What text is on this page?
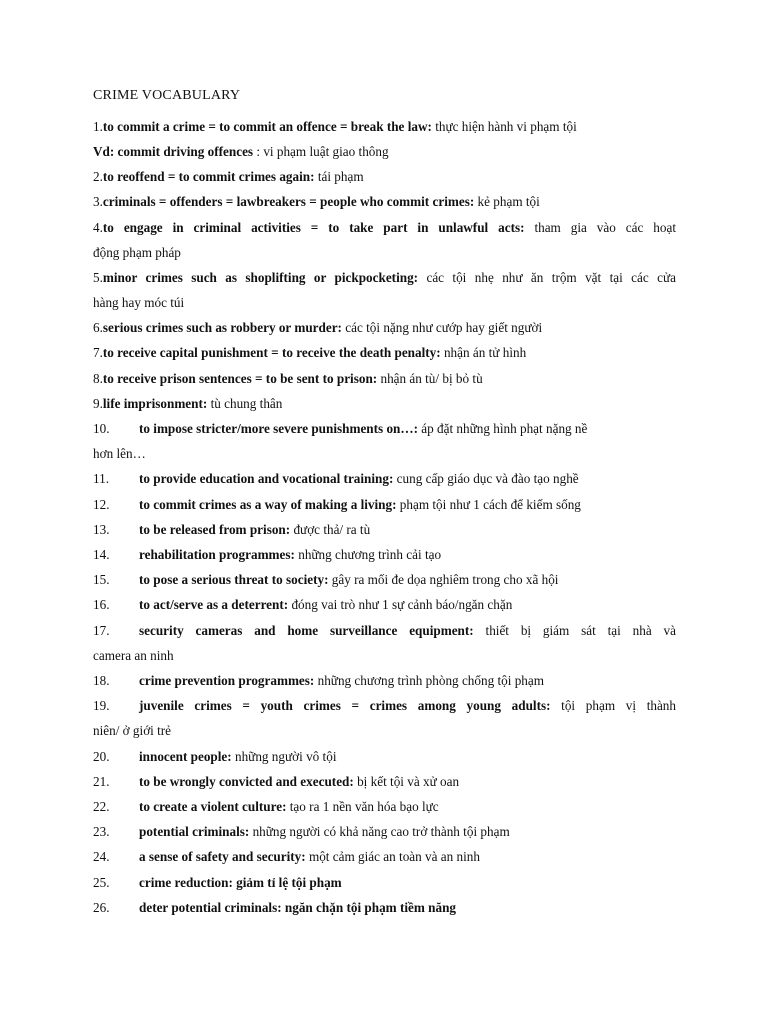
CRIME VOCABULARY
1.to commit a crime = to commit an offence = break the law: thực hiện hành vi phạm tội
Vd: commit driving offences : vi phạm luật giao thông
2.to reoffend = to commit crimes again: tái phạm
3.criminals = offenders = lawbreakers = people who commit crimes: kẻ phạm tội
4.to engage in criminal activities = to take part in unlawful acts: tham gia vào các hoạt
động phạm pháp
5.minor crimes such as shoplifting or pickpocketing: các tội nhẹ như ăn trộm vặt tại các cửa
hàng hay móc túi
6.serious crimes such as robbery or murder: các tội nặng như cướp hay giết người
7.to receive capital punishment = to receive the death penalty: nhận án tử hình
8.to receive prison sentences = to be sent to prison: nhận án tù/ bị bỏ tù
9.life imprisonment: tù chung thân
10. to impose stricter/more severe punishments on…: áp đặt những hình phạt nặng nề
hơn lên…
11. to provide education and vocational training: cung cấp giáo dục và đào tạo nghề
12. to commit crimes as a way of making a living: phạm tội như 1 cách để kiếm sống
13. to be released from prison: được thả/ ra tù
14. rehabilitation programmes: những chương trình cải tạo
15. to pose a serious threat to society: gây ra mối đe dọa nghiêm trong cho xã hội
16. to act/serve as a deterrent: đóng vai trò như 1 sự cảnh báo/ngăn chặn
17. security cameras and home surveillance equipment: thiết bị giám sát tại nhà và
camera an ninh
18. crime prevention programmes: những chương trình phòng chống tội phạm
19. juvenile crimes = youth crimes = crimes among young adults: tội phạm vị thành
niên/ ở giới trẻ
20. innocent people: những người vô tội
21. to be wrongly convicted and executed: bị kết tội và xử oan
22. to create a violent culture: tạo ra 1 nền văn hóa bạo lực
23. potential criminals: những người có khả năng cao trở thành tội phạm
24. a sense of safety and security: một cảm giác an toàn và an ninh
25. crime reduction: giảm tỉ lệ tội phạm
26. deter potential criminals: ngăn chặn tội phạm tiềm năng
